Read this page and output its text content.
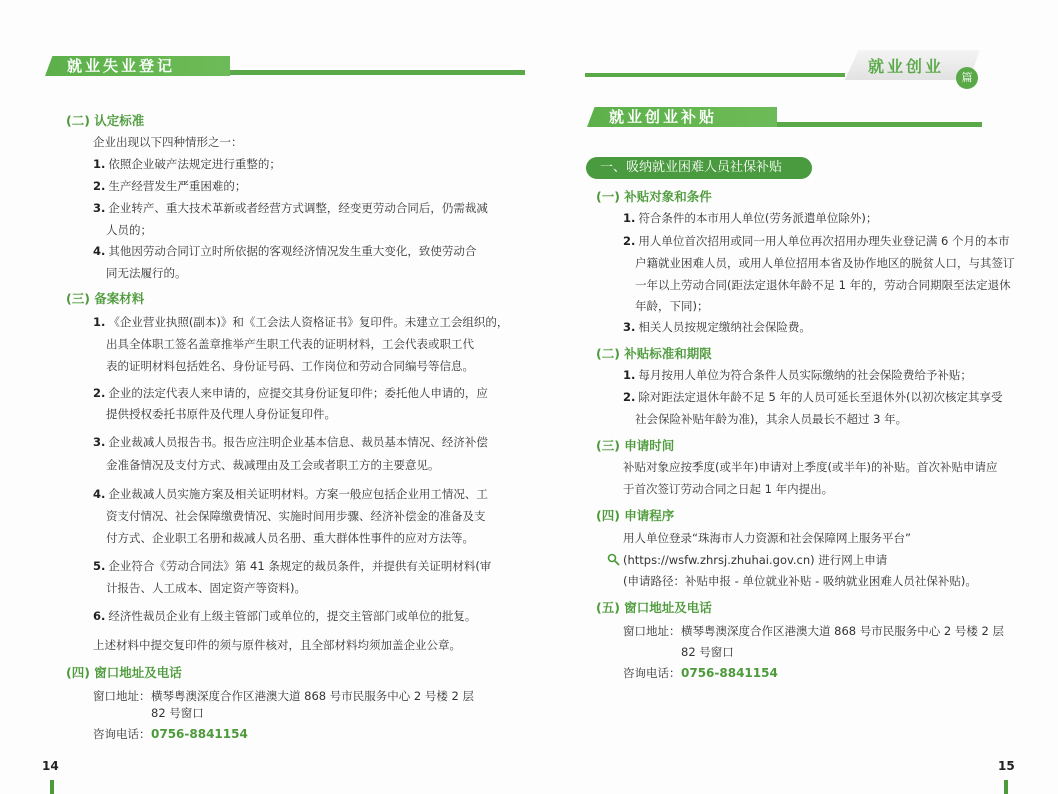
就业失业登记
(二) 认定标准
企业出现以下四种情形之一：
1. 依照企业破产法规定进行重整的；
2. 生产经营发生严重困难的；
3. 企业转产、重大技术革新或者经营方式调整，经变更劳动合同后，仍需裁减
人员的；
4. 其他因劳动合同订立时所依据的客观经济情况发生重大变化，致使劳动合
同无法履行的。
(三) 备案材料
1. 《企业营业执照(副本)》和《工会法人资格证书》复印件。未建立工会组织的，
出具全体职工签名盖章推举产生职工代表的证明材料，工会代表或职工代
表的证明材料包括姓名、身份证号码、工作岗位和劳动合同编号等信息。
2. 企业的法定代表人来申请的，应提交其身份证复印件；委托他人申请的，应
提供授权委托书原件及代理人身份证复印件。
3. 企业裁减人员报告书。报告应注明企业基本信息、裁员基本情况、经济补偿
金准备情况及支付方式、裁减理由及工会或者职工方的主要意见。
4. 企业裁减人员实施方案及相关证明材料。方案一般应包括企业用工情况、工
资支付情况、社会保障缴费情况、实施时间用步骤、经济补偿金的准备及支
付方式、企业职工名册和裁减人员名册、重大群体性事件的应对方法等。
5. 企业符合《劳动合同法》第 41 条规定的裁员条件，并提供有关证明材料(审
计报告、人工成本、固定资产等资料)。
6. 经济性裁员企业有上级主管部门或单位的，提交主管部门或单位的批复。
上述材料中提交复印件的须与原件核对，且全部材料均须加盖企业公章。
(四) 窗口地址及电话
窗口地址： 横琴粤澳深度合作区港澳大道 868 号市民服务中心 2 号楼 2 层
82 号窗口
咨询电话： 0756-8841154
14
就业创业
篇
就业创业补贴
一、吸纳就业困难人员社保补贴
(一) 补贴对象和条件
1. 符合条件的本市用人单位(劳务派遣单位除外)；
2. 用人单位首次招用或同一用人单位再次招用办理失业登记满 6 个月的本市
户籍就业困难人员，或用人单位招用本省及协作地区的脱贫人口，与其签订
一年以上劳动合同(距法定退休年龄不足 1 年的，劳动合同期限至法定退休
年龄，下同)；
3. 相关人员按规定缴纳社会保险费。
(二) 补贴标准和期限
1. 每月按用人单位为符合条件人员实际缴纳的社会保险费给予补贴；
2. 除对距法定退休年龄不足 5 年的人员可延长至退休外(以初次核定其享受
社会保险补贴年龄为准)，其余人员最长不超过 3 年。
(三) 申请时间
补贴对象应按季度(或半年)申请对上季度(或半年)的补贴。首次补贴申请应
于首次签订劳动合同之日起 1 年内提出。
(四) 申请程序
用人单位登录“珠海市人力资源和社会保障网上服务平台”
(https://wsfw.zhrsj.zhuhai.gov.cn) 进行网上申请
(申请路径：补贴申报 - 单位就业补贴 - 吸纳就业困难人员社保补贴)。
(五) 窗口地址及电话
窗口地址： 横琴粤澳深度合作区港澳大道 868 号市民服务中心 2 号楼 2 层
82 号窗口
咨询电话： 0756-8841154
15
